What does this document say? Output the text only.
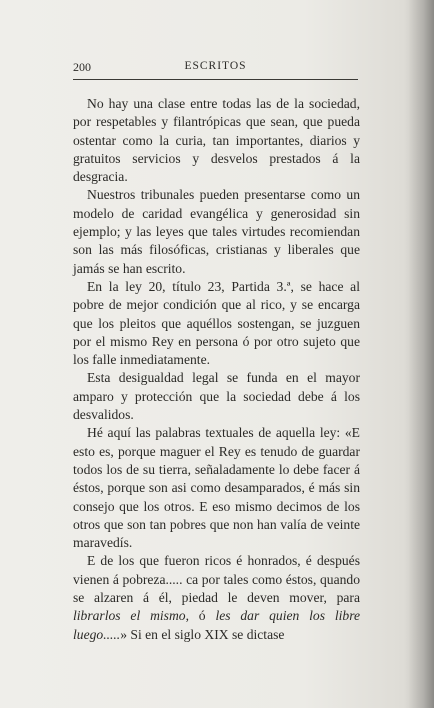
200	ESCRITOS

No hay una clase entre todas las de la sociedad, por respetables y filantrópicas que sean, que pueda ostentar como la curia, tan importantes, diarios y gratuitos servicios y desvelos prestados á la desgracia.

Nuestros tribunales pueden presentarse como un modelo de caridad evangélica y generosidad sin ejemplo; y las leyes que tales virtudes recomiendan son las más filosóficas, cristianas y liberales que jamás se han escrito.

En la ley 20, título 23, Partida 3.ª, se hace al pobre de mejor condición que al rico, y se encarga que los pleitos que aquéllos sostengan, se juzguen por el mismo Rey en persona ó por otro sujeto que los falle inmediatamente.

Esta desigualdad legal se funda en el mayor amparo y protección que la sociedad debe á los desvalidos.

Hé aquí las palabras textuales de aquella ley: «E esto es, porque maguer el Rey es tenudo de guardar todos los de su tierra, señaladamente lo debe facer á éstos, porque son asi como desamparados, é más sin consejo que los otros. E eso mismo decimos de los otros que son tan pobres que non han valía de veinte maravedís.

E de los que fueron ricos é honrados, é después vienen á pobreza..... ca por tales como éstos, quando se alzaren á él, piedad le deven mover, para librarlos el mismo, ó les dar quien los libre luego.....» Si en el siglo XIX se dictase
